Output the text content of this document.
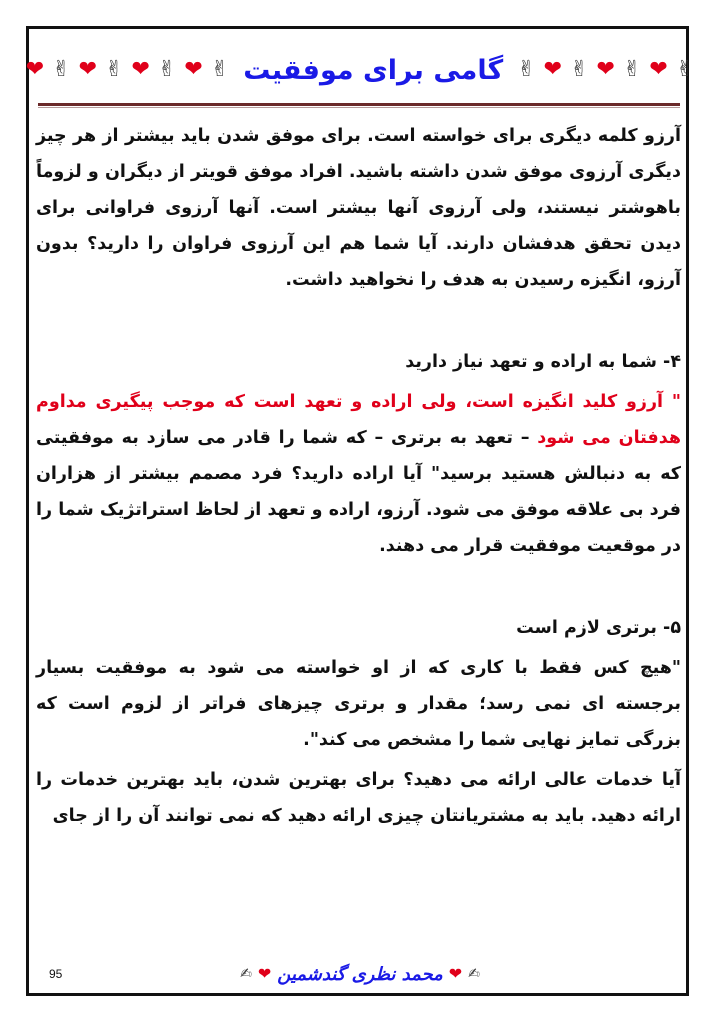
✌
❤
✌
❤
✌
❤
✌
گامی برای موفقیت
✌
❤
✌
❤
✌
❤
✌
❤

آرزو کلمه دیگری برای خواسته است. برای موفق شدن باید بیشتر از هر چیز دیگری آرزوی موفق شدن داشته باشید. افراد موفق قویتر از دیگران و لزوماً باهوشتر نیستند، ولی آرزوی آنها بیشتر است. آنها آرزوی فراوانی برای دیدن تحقق هدفشان دارند. آیا شما هم این آرزوی فراوان را دارید؟ بدون آرزو، انگیزه رسیدن به هدف را نخواهید داشت.

۴- شما به اراده و تعهد نیاز دارید

" آرزو کلید انگیزه است، ولی اراده و تعهد است که موجب پیگیری مداوم هدفتان می شود – تعهد به برتری – که شما را قادر می سازد به موفقیتی که به دنبالش هستید برسید" آیا اراده دارید؟ فرد مصمم بیشتر از هزاران فرد بی علاقه موفق می شود. آرزو، اراده و تعهد از لحاظ استراتژیک شما را در موقعیت موفقیت قرار می دهند.

۵- برتری لازم است

"هیچ کس فقط با کاری که از او خواسته می شود به موفقیت بسیار برجسته ای نمی رسد؛ مقدار و برتری چیزهای فراتر از لزوم است که بزرگی تمایز نهایی شما را مشخص می کند".

آیا خدمات عالی ارائه می دهید؟ برای بهترین شدن، باید بهترین خدمات را ارائه دهید. باید به مشتریانتان چیزی ارائه دهید که نمی توانند آن را از جای

✍
❤
محمد نظری گندشمین
❤
✍
95
